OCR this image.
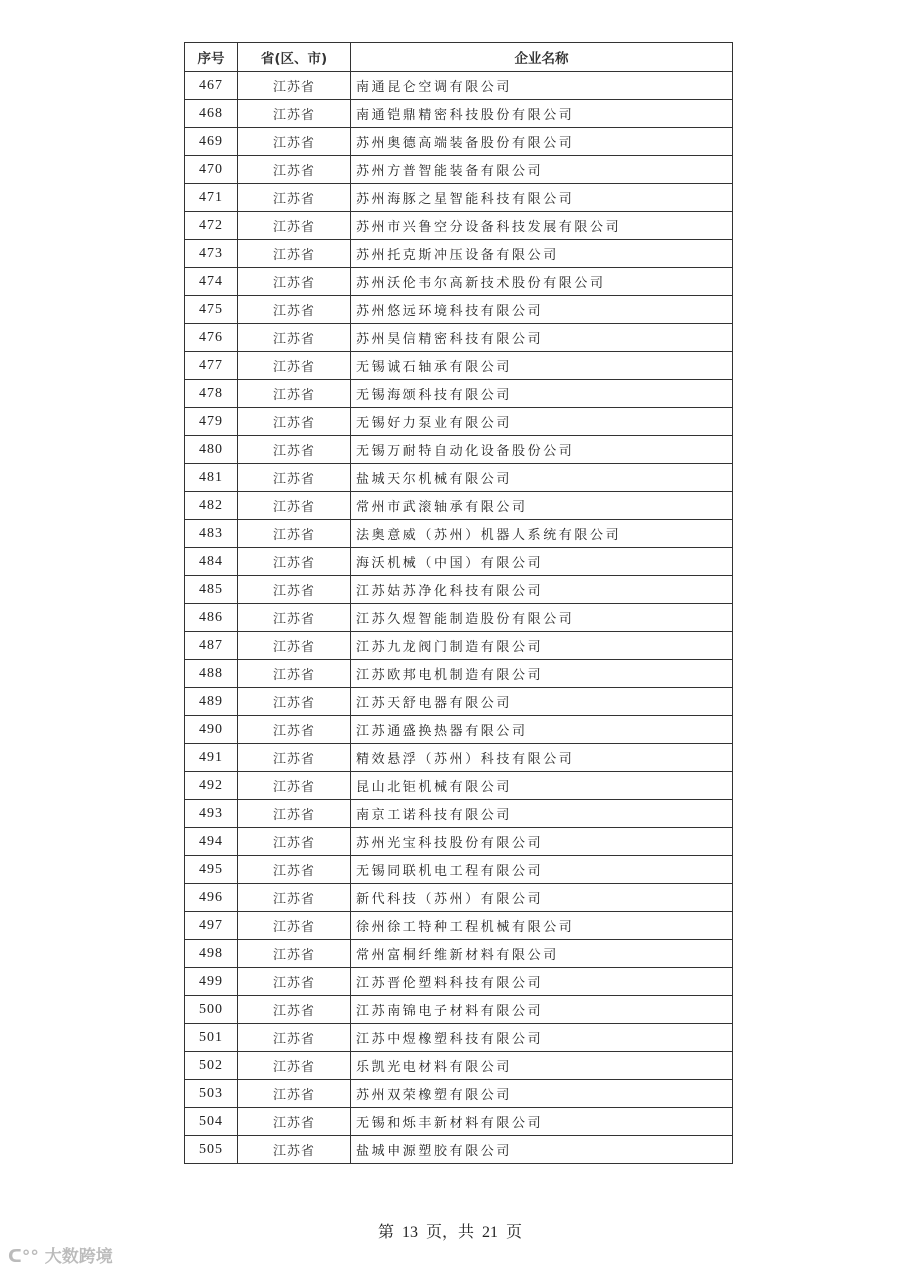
序号	省(区、市)	企业名称
467	江苏省	南通昆仑空调有限公司
468	江苏省	南通铠鼎精密科技股份有限公司
469	江苏省	苏州奥德高端装备股份有限公司
470	江苏省	苏州方普智能装备有限公司
471	江苏省	苏州海豚之星智能科技有限公司
472	江苏省	苏州市兴鲁空分设备科技发展有限公司
473	江苏省	苏州托克斯冲压设备有限公司
474	江苏省	苏州沃伦韦尔高新技术股份有限公司
475	江苏省	苏州悠远环境科技有限公司
476	江苏省	苏州昊信精密科技有限公司
477	江苏省	无锡诚石轴承有限公司
478	江苏省	无锡海颂科技有限公司
479	江苏省	无锡好力泵业有限公司
480	江苏省	无锡万耐特自动化设备股份公司
481	江苏省	盐城天尔机械有限公司
482	江苏省	常州市武滚轴承有限公司
483	江苏省	法奥意威（苏州）机器人系统有限公司
484	江苏省	海沃机械（中国）有限公司
485	江苏省	江苏姑苏净化科技有限公司
486	江苏省	江苏久煜智能制造股份有限公司
487	江苏省	江苏九龙阀门制造有限公司
488	江苏省	江苏欧邦电机制造有限公司
489	江苏省	江苏天舒电器有限公司
490	江苏省	江苏通盛换热器有限公司
491	江苏省	精效悬浮（苏州）科技有限公司
492	江苏省	昆山北钜机械有限公司
493	江苏省	南京工诺科技有限公司
494	江苏省	苏州光宝科技股份有限公司
495	江苏省	无锡同联机电工程有限公司
496	江苏省	新代科技（苏州）有限公司
497	江苏省	徐州徐工特种工程机械有限公司
498	江苏省	常州富桐纤维新材料有限公司
499	江苏省	江苏晋伦塑料科技有限公司
500	江苏省	江苏南锦电子材料有限公司
501	江苏省	江苏中煜橡塑科技有限公司
502	江苏省	乐凯光电材料有限公司
503	江苏省	苏州双荣橡塑有限公司
504	江苏省	无锡和烁丰新材料有限公司
505	江苏省	盐城申源塑胶有限公司
第 13 页，共 21 页
ᑕ°° 大数跨境
